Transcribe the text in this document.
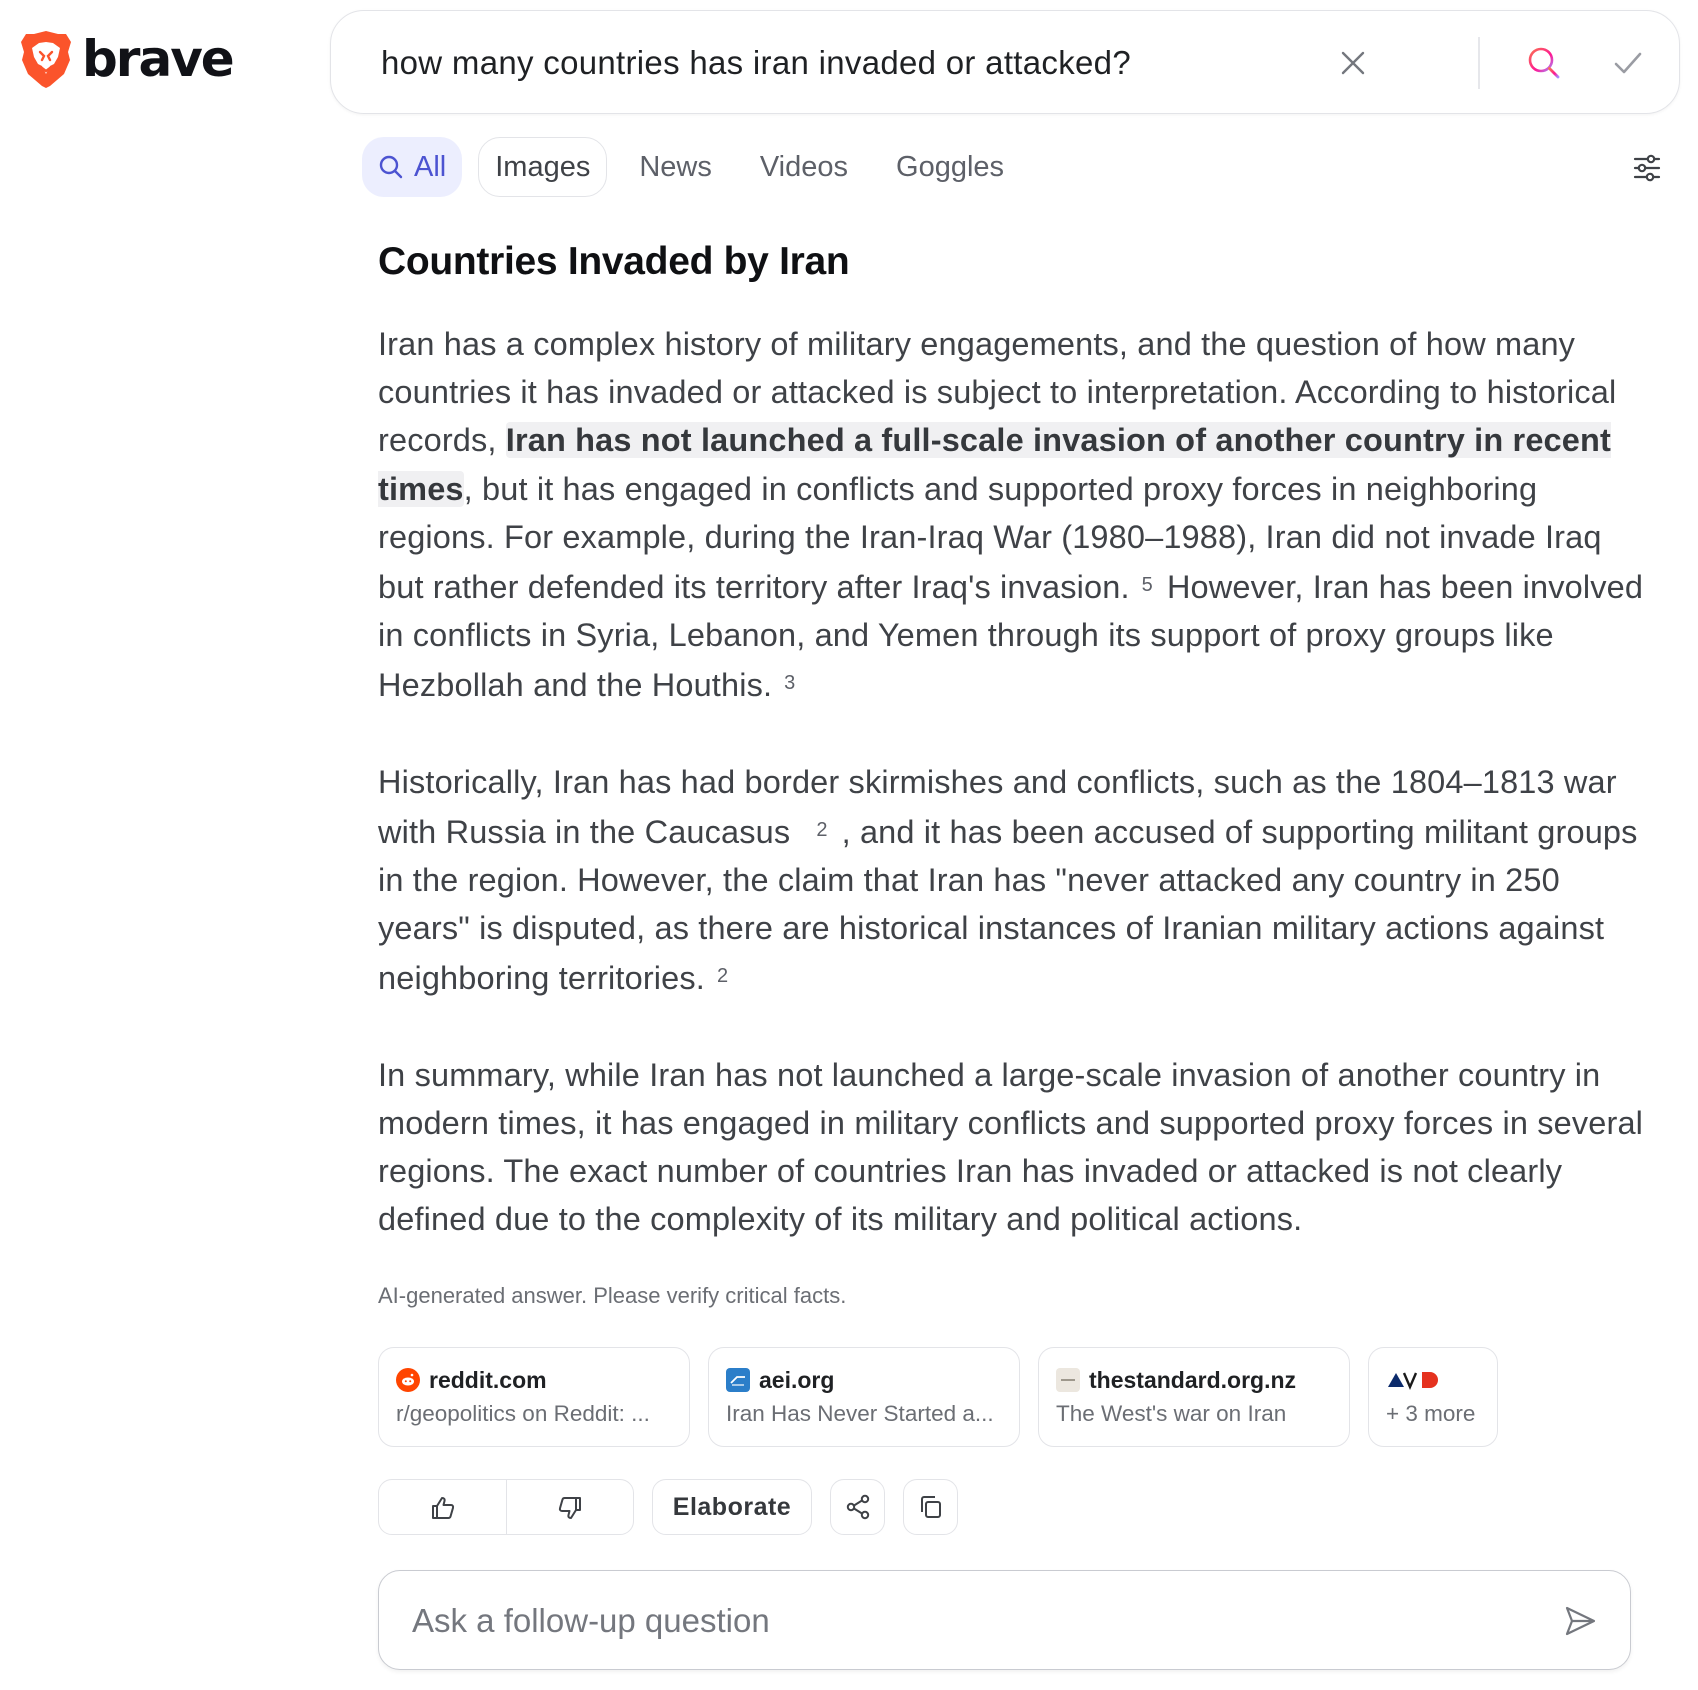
brave	how many countries has iran invaded or attacked?
All Images News Videos Goggles
Countries Invaded by Iran

Iran has a complex history of military engagements, and the question of how many countries it has invaded or attacked is subject to interpretation. According to historical records, Iran has not launched a full-scale invasion of another country in recent times, but it has engaged in conflicts and supported proxy forces in neighboring regions. For example, during the Iran-Iraq War (1980–1988), Iran did not invade Iraq but rather defended its territory after Iraq's invasion. 5 However, Iran has been involved in conflicts in Syria, Lebanon, and Yemen through its support of proxy groups like Hezbollah and the Houthis. 3

Historically, Iran has had border skirmishes and conflicts, such as the 1804–1813 war with Russia in the Caucasus 2 , and it has been accused of supporting militant groups in the region. However, the claim that Iran has "never attacked any country in 250 years" is disputed, as there are historical instances of Iranian military actions against neighboring territories. 2

In summary, while Iran has not launched a large-scale invasion of another country in modern times, it has engaged in military conflicts and supported proxy forces in several regions. The exact number of countries Iran has invaded or attacked is not clearly defined due to the complexity of its military and political actions.

AI-generated answer. Please verify critical facts.
reddit.com
r/geopolitics on Reddit: ...
aei.org
Iran Has Never Started a...
thestandard.org.nz
The West's war on Iran	+ 3 more
Elaborate
Ask a follow-up question
